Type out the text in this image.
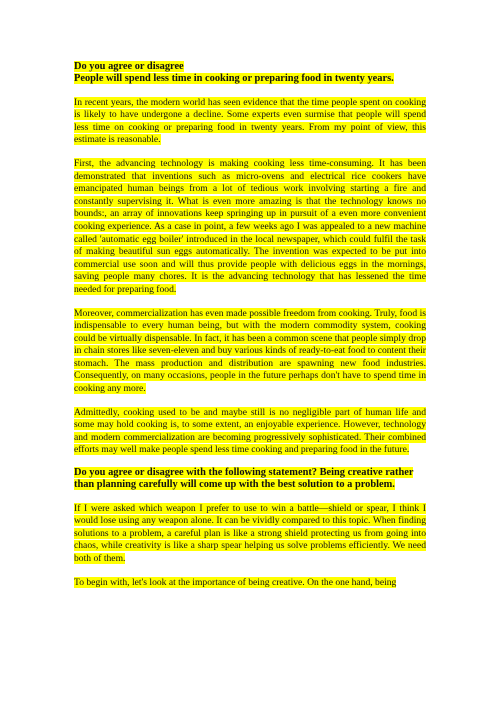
Do you agree or disagree
People will spend less time in cooking or preparing food in twenty years.

In recent years, the modern world has seen evidence that the time people spent on cooking is likely to have undergone a decline. Some experts even surmise that people will spend less time on cooking or preparing food in twenty years. From my point of view, this estimate is reasonable.

First, the advancing technology is making cooking less time-consuming. It has been demonstrated that inventions such as micro-ovens and electrical rice cookers have emancipated human beings from a lot of tedious work involving starting a fire and constantly supervising it. What is even more amazing is that the technology knows no bounds:, an array of innovations keep springing up in pursuit of a even more convenient cooking experience. As a case in point, a few weeks ago I was appealed to a new machine called 'automatic egg boiler' introduced in the local newspaper, which could fulfil the task of making beautiful sun eggs automatically. The invention was expected to be put into commercial use soon and will thus provide people with delicious eggs in the mornings, saving people many chores. It is the advancing technology that has lessened the time needed for preparing food.

Moreover, commercialization has even made possible freedom from cooking. Truly, food is indispensable to every human being, but with the modern commodity system, cooking could be virtually dispensable. In fact, it has been a common scene that people simply drop in chain stores like seven-eleven and buy various kinds of ready-to-eat food to content their stomach. The mass production and distribution are spawning new food industries. Consequently, on many occasions, people in the future perhaps don't have to spend time in cooking any more.

Admittedly, cooking used to be and maybe still is no negligible part of human life and some may hold cooking is, to some extent, an enjoyable experience. However, technology and modern commercialization are becoming progressively sophisticated. Their combined efforts may well make people spend less time cooking and preparing food in the future.

Do you agree or disagree with the following statement? Being creative rather
than planning carefully will come up with the best solution to a problem.

If I were asked which weapon I prefer to use to win a battle—shield or spear, I think I would lose using any weapon alone. It can be vividly compared to this topic. When finding solutions to a problem, a careful plan is like a strong shield protecting us from going into chaos, while creativity is like a sharp spear helping us solve problems efficiently. We need both of them.

To begin with, let's look at the importance of being creative. On the one hand, being
